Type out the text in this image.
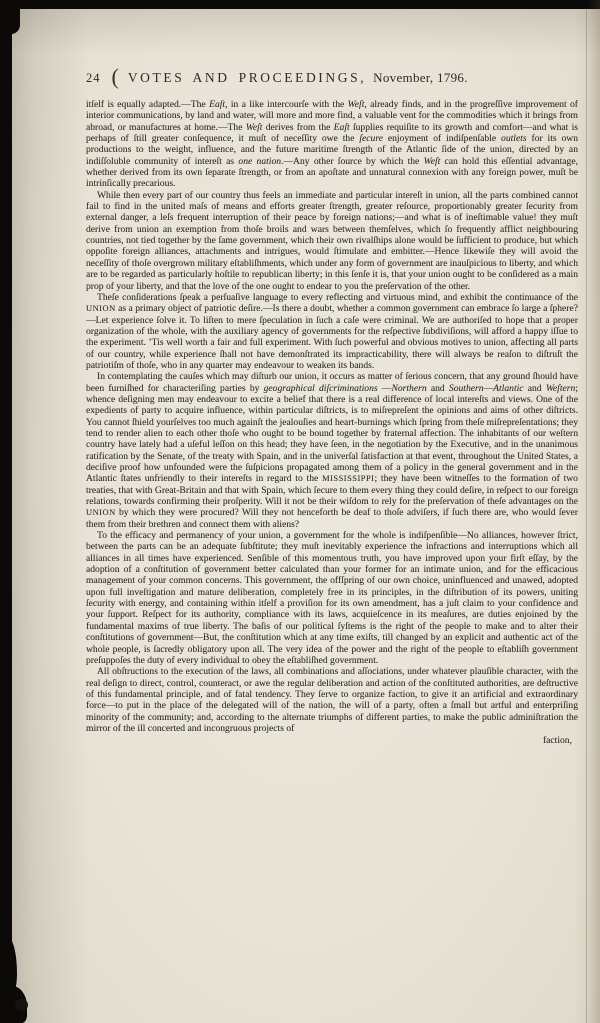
24 ( VOTES AND PROCEEDINGS, November, 1796.

itſelf is equally adapted.—The Eaſt, in a like intercourſe with the Weſt, already finds, and in the progreſſive improvement of interior communications, by land and water, will more and more find, a valuable vent for the commodities which it brings from abroad, or manufactures at home.—The Weſt derives from the Eaſt ſupplies requiſite to its growth and comfort—and what is perhaps of ſtill greater conſequence, it muſt of neceſſity owe the ſecure enjoyment of indiſpenſable outlets for its own productions to the weight, influence, and the future maritime ſtrength of the Atlantic ſide of the union, directed by an indiſſoluble community of intereſt as one nation.—Any other ſource by which the Weſt can hold this eſſential advantage, whether derived from its own ſeparate ſtrength, or from an apoſtate and unnatural connexion with any foreign power, muſt be intrinſically precarious.

While then every part of our country thus feels an immediate and particular intereſt in union, all the parts combined cannot fail to find in the united maſs of means and efforts greater ſtrength, greater reſource, proportionably greater ſecurity from external danger, a leſs frequent interruption of their peace by foreign nations;—and what is of ineſtimable value! they muſt derive from union an exemption from thoſe broils and wars between themſelves, which ſo frequently afflict neighbouring countries, not tied together by the ſame government, which their own rivalſhips alone would be ſufficient to produce, but which oppoſite foreign alliances, attachments and intrigues, would ſtimulate and embitter.—Hence likewiſe they will avoid the neceſſity of thoſe overgrown military eſtabliſhments, which under any form of government are inauſpicious to liberty, and which are to be regarded as particularly hoſtile to republican liberty; in this ſenſe it is, that your union ought to be conſidered as a main prop of your liberty, and that the love of the one ought to endear to you the preſervation of the other.

Theſe conſiderations ſpeak a perſuaſive language to every reflecting and virtuous mind, and exhibit the continuance of the UNION as a primary object of patriotic deſire.—Is there a doubt, whether a common government can embrace ſo large a ſphere?—Let experience ſolve it. To liſten to mere ſpeculation in ſuch a caſe were criminal. We are authoriſed to hope that a proper organization of the whole, with the auxiliary agency of governments for the reſpective ſubdiviſions, will afford a happy iſſue to the experiment. ’Tis well worth a fair and full experiment. With ſuch powerful and obvious motives to union, affecting all parts of our country, while experience ſhall not have demonſtrated its impracticability, there will always be reaſon to diſtruſt the patriotiſm of thoſe, who in any quarter may endeavour to weaken its bands.

In contemplating the cauſes which may diſturb our union, it occurs as matter of ſerious concern, that any ground ſhould have been furniſhed for characteriſing parties by geographical diſcriminations —Northern and Southern—Atlantic and Weſtern; whence deſigning men may endeavour to excite a belief that there is a real difference of local intereſts and views. One of the expedients of party to acquire influence, within particular diſtricts, is to miſrepreſent the opinions and aims of other diſtricts. You cannot ſhield yourſelves too much againſt the jealouſies and heart-burnings which ſpring from theſe miſrepreſentations; they tend to render alien to each other thoſe who ought to be bound together by fraternal affection. The inhabitants of our weſtern country have lately had a uſeful leſſon on this head; they have ſeen, in the negotiation by the Executive, and in the unanimous ratification by the Senate, of the treaty with Spain, and in the univerſal ſatisfaction at that event, throughout the United States, a deciſive proof how unfounded were the ſuſpicions propagated among them of a policy in the general government and in the Atlantic ſtates unfriendly to their intereſts in regard to the MISSISSIPPI; they have been witneſſes to the formation of two treaties, that with Great-Britain and that with Spain, which ſecure to them every thing they could deſire, in reſpect to our foreign relations, towards confirming their proſperity. Will it not be their wiſdom to rely for the preſervation of theſe advantages on the UNION by which they were procured? Will they not henceforth be deaf to thoſe adviſers, if ſuch there are, who would ſever them from their brethren and connect them with aliens?

To the efficacy and permanency of your union, a government for the whole is indiſpenſible—No alliances, however ſtrict, between the parts can be an adequate ſubſtitute; they muſt inevitably experience the infractions and interruptions which all alliances in all times have experienced. Senſible of this momentous truth, you have improved upon your firſt eſſay, by the adoption of a conſtitution of government better calculated than your former for an intimate union, and for the efficacious management of your common concerns. This government, the offſpring of our own choice, uninfluenced and unawed, adopted upon full inveſtigation and mature deliberation, completely free in its principles, in the diſtribution of its powers, uniting ſecurity with energy, and containing within itſelf a proviſion for its own amendment, has a juſt claim to your confidence and your ſupport. Reſpect for its authority, compliance with its laws, acquieſcence in its meaſures, are duties enjoined by the fundamental maxims of true liberty. The baſis of our political ſyſtems is the right of the people to make and to alter their conſtitutions of government—But, the conſtitution which at any time exiſts, till changed by an explicit and authentic act of the whole people, is ſacredly obligatory upon all. The very idea of the power and the right of the people to eſtabliſh government preſuppoſes the duty of every individual to obey the eſtabliſhed government.

All obſtructions to the execution of the laws, all combinations and aſſociations, under whatever plauſible character, with the real deſign to direct, control, counteract, or awe the regular deliberation and action of the conſtituted authorities, are deſtructive of this fundamental principle, and of fatal tendency. They ſerve to organize faction, to give it an artificial and extraordinary force—to put in the place of the delegated will of the nation, the will of a party, often a ſmall but artful and enterpriſing minority of the community; and, according to the alternate triumphs of different parties, to make the public adminiſtration the mirror of the ill concerted and incongruous projects of

faction,
